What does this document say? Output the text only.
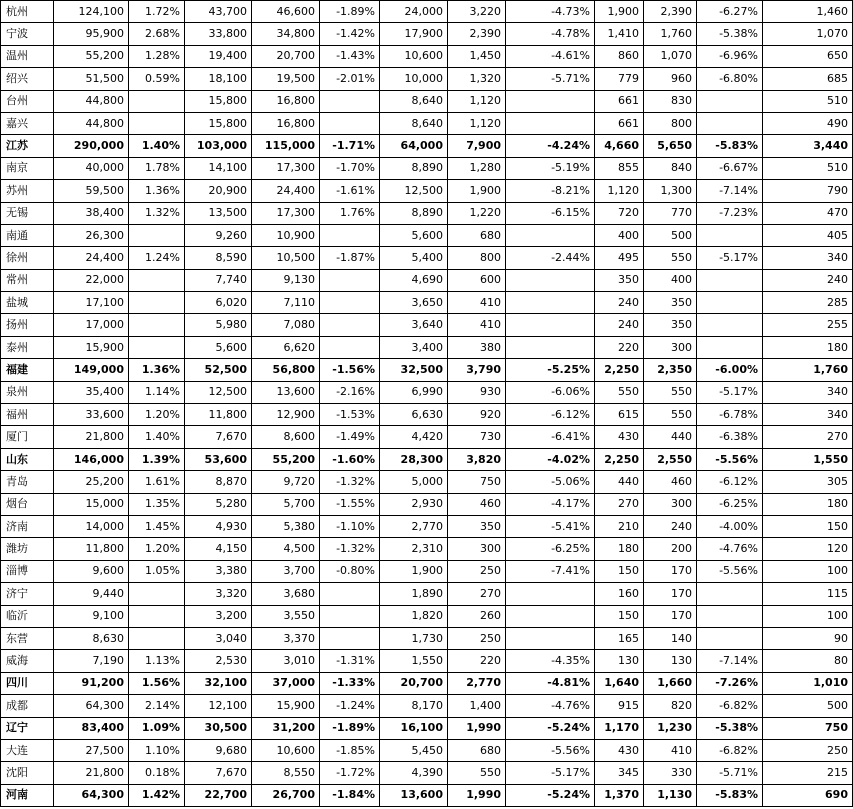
杭州	124,100	1.72%	43,700	46,600	-1.89%	24,000	3,220	-4.73%	1,900	2,390	-6.27%	1,460
宁波	95,900	2.68%	33,800	34,800	-1.42%	17,900	2,390	-4.78%	1,410	1,760	-5.38%	1,070
温州	55,200	1.28%	19,400	20,700	-1.43%	10,600	1,450	-4.61%	860	1,070	-6.96%	650
绍兴	51,500	0.59%	18,100	19,500	-2.01%	10,000	1,320	-5.71%	779	960	-6.80%	685
台州	44,800		15,800	16,800		8,640	1,120		661	830		510
嘉兴	44,800		15,800	16,800		8,640	1,120		661	800		490
江苏	290,000	1.40%	103,000	115,000	-1.71%	64,000	7,900	-4.24%	4,660	5,650	-5.83%	3,440
南京	40,000	1.78%	14,100	17,300	-1.70%	8,890	1,280	-5.19%	855	840	-6.67%	510
苏州	59,500	1.36%	20,900	24,400	-1.61%	12,500	1,900	-8.21%	1,120	1,300	-7.14%	790
无锡	38,400	1.32%	13,500	17,300	1.76%	8,890	1,220	-6.15%	720	770	-7.23%	470
南通	26,300		9,260	10,900		5,600	680		400	500		405
徐州	24,400	1.24%	8,590	10,500	-1.87%	5,400	800	-2.44%	495	550	-5.17%	340
常州	22,000		7,740	9,130		4,690	600		350	400		240
盐城	17,100		6,020	7,110		3,650	410		240	350		285
扬州	17,000		5,980	7,080		3,640	410		240	350		255
泰州	15,900		5,600	6,620		3,400	380		220	300		180
福建	149,000	1.36%	52,500	56,800	-1.56%	32,500	3,790	-5.25%	2,250	2,350	-6.00%	1,760
泉州	35,400	1.14%	12,500	13,600	-2.16%	6,990	930	-6.06%	550	550	-5.17%	340
福州	33,600	1.20%	11,800	12,900	-1.53%	6,630	920	-6.12%	615	550	-6.78%	340
厦门	21,800	1.40%	7,670	8,600	-1.49%	4,420	730	-6.41%	430	440	-6.38%	270
山东	146,000	1.39%	53,600	55,200	-1.60%	28,300	3,820	-4.02%	2,250	2,550	-5.56%	1,550
青岛	25,200	1.61%	8,870	9,720	-1.32%	5,000	750	-5.06%	440	460	-6.12%	305
烟台	15,000	1.35%	5,280	5,700	-1.55%	2,930	460	-4.17%	270	300	-6.25%	180
济南	14,000	1.45%	4,930	5,380	-1.10%	2,770	350	-5.41%	210	240	-4.00%	150
潍坊	11,800	1.20%	4,150	4,500	-1.32%	2,310	300	-6.25%	180	200	-4.76%	120
淄博	9,600	1.05%	3,380	3,700	-0.80%	1,900	250	-7.41%	150	170	-5.56%	100
济宁	9,440		3,320	3,680		1,890	270		160	170		115
临沂	9,100		3,200	3,550		1,820	260		150	170		100
东营	8,630		3,040	3,370		1,730	250		165	140		90
威海	7,190	1.13%	2,530	3,010	-1.31%	1,550	220	-4.35%	130	130	-7.14%	80
四川	91,200	1.56%	32,100	37,000	-1.33%	20,700	2,770	-4.81%	1,640	1,660	-7.26%	1,010
成都	64,300	2.14%	12,100	15,900	-1.24%	8,170	1,400	-4.76%	915	820	-6.82%	500
辽宁	83,400	1.09%	30,500	31,200	-1.89%	16,100	1,990	-5.24%	1,170	1,230	-5.38%	750
大连	27,500	1.10%	9,680	10,600	-1.85%	5,450	680	-5.56%	430	410	-6.82%	250
沈阳	21,800	0.18%	7,670	8,550	-1.72%	4,390	550	-5.17%	345	330	-5.71%	215
河南	64,300	1.42%	22,700	26,700	-1.84%	13,600	1,990	-5.24%	1,370	1,130	-5.83%	690
